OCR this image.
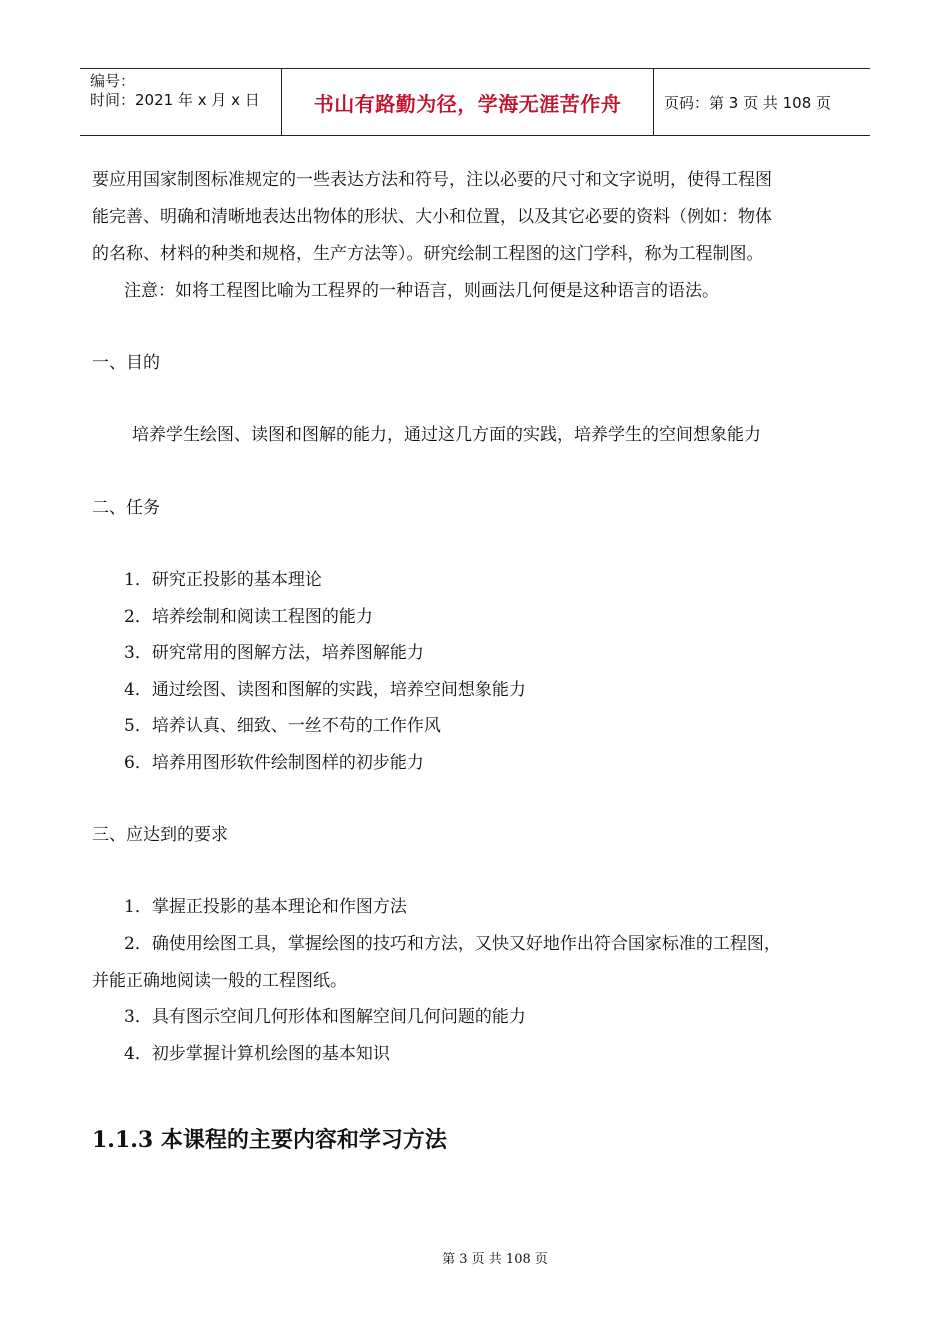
编号：
时间：2021 年 x 月 x 日	书山有路勤为径，学海无涯苦作舟	页码：第 3 页 共 108 页
要应用国家制图标准规定的一些表达方法和符号，注以必要的尺寸和文字说明，使得工程图
能完善、明确和清晰地表达出物体的形状、大小和位置，以及其它必要的资料（例如：物体
的名称、材料的种类和规格，生产方法等）。研究绘制工程图的这门学科，称为工程制图。
注意：如将工程图比喻为工程界的一种语言，则画法几何便是这种语言的语法。
一、目的
培养学生绘图、读图和图解的能力，通过这几方面的实践，培养学生的空间想象能力
二、任务
1．研究正投影的基本理论
2．培养绘制和阅读工程图的能力
3．研究常用的图解方法，培养图解能力
4．通过绘图、读图和图解的实践，培养空间想象能力
5．培养认真、细致、一丝不苟的工作作风
6．培养用图形软件绘制图样的初步能力
三、应达到的要求
1．掌握正投影的基本理论和作图方法
2．确使用绘图工具，掌握绘图的技巧和方法，又快又好地作出符合国家标准的工程图，
并能正确地阅读一般的工程图纸。
3．具有图示空间几何形体和图解空间几何问题的能力
4．初步掌握计算机绘图的基本知识
1.1.3 本课程的主要内容和学习方法
第 3 页 共 108 页
